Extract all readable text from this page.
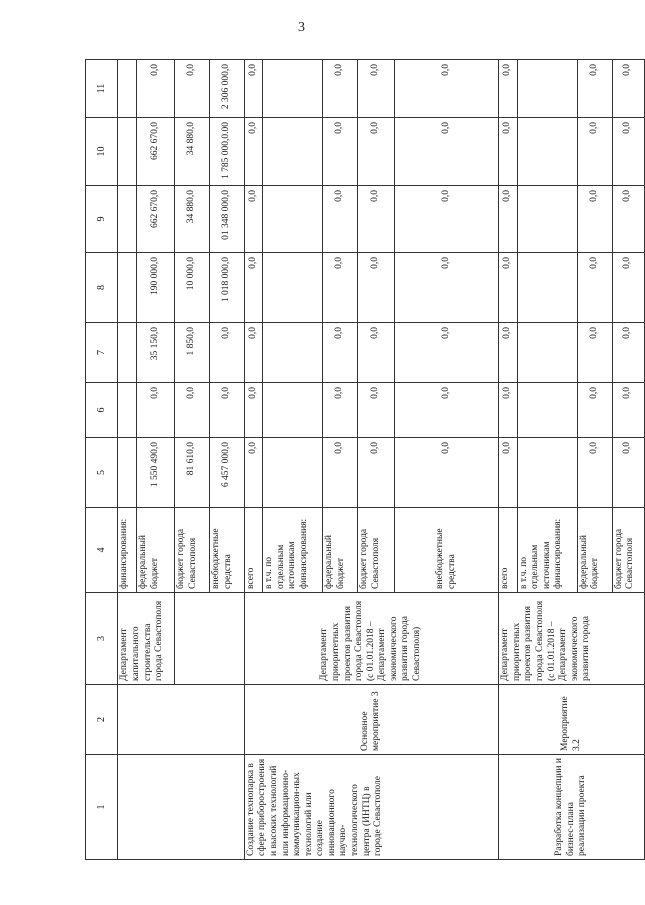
3
1	2	3	4	5	6	7	8	9	10	11
		Департамент капитального строительства города Севастополя	финансирования:							
			федеральный бюджет	1 550 490,0	0,0	35 150,0	190 000,0	662 670,0	662 670,0	0,0
			бюджет города Севастополя	81 610,0	0,0	1 850,0	10 000,0	34 880,0	34 880,0	0,0
			внебюджетные средства	6 457 000,0	0,0	0,0	1 018 000,0	01 348 000,0	1 785 000,0.00	2 306 000,0
Создание технопарка в сфере приборостроения и высоких технологий или информационно-коммуникацион-ных технологий или создание инновационного научно-технологического центра (ИНТЦ) в городе Севастополе	Основное мероприятие 3	Департамент приоритетных проектов развития города Севастополя (с 01.01.2018 – Департамент экономического развития города Севастополя)	всего	0,0	0,0	0,0	0,0	0,0	0,0	0,0
			в т.ч. по отдельным источникам финансирования:							
			федеральный бюджет	0,0	0,0	0,0	0,0	0,0	0,0	0,0
			бюджет города Севастополя	0,0	0,0	0,0	0,0	0,0	0,0	0,0
			внебюджетные средства	0,0	0,0	0,0	0,0	0,0	0,0	0,0
Разработка концепции и бизнес-плана реализации проекта	Мероприятие 3.2	Департамент приоритетных проектов развития города Севастополя (с 01.01.2018 – Департамент экономического развития города	всего	0,0	0,0	0,0	0,0	0,0	0,0	0,0
			в т.ч. по отдельным источникам финансирования:							
			федеральный бюджет	0,0	0,0	0,0	0,0	0,0	0,0	0,0
			бюджет города Севастополя	0,0	0,0	0,0	0,0	0,0	0,0	0,0
